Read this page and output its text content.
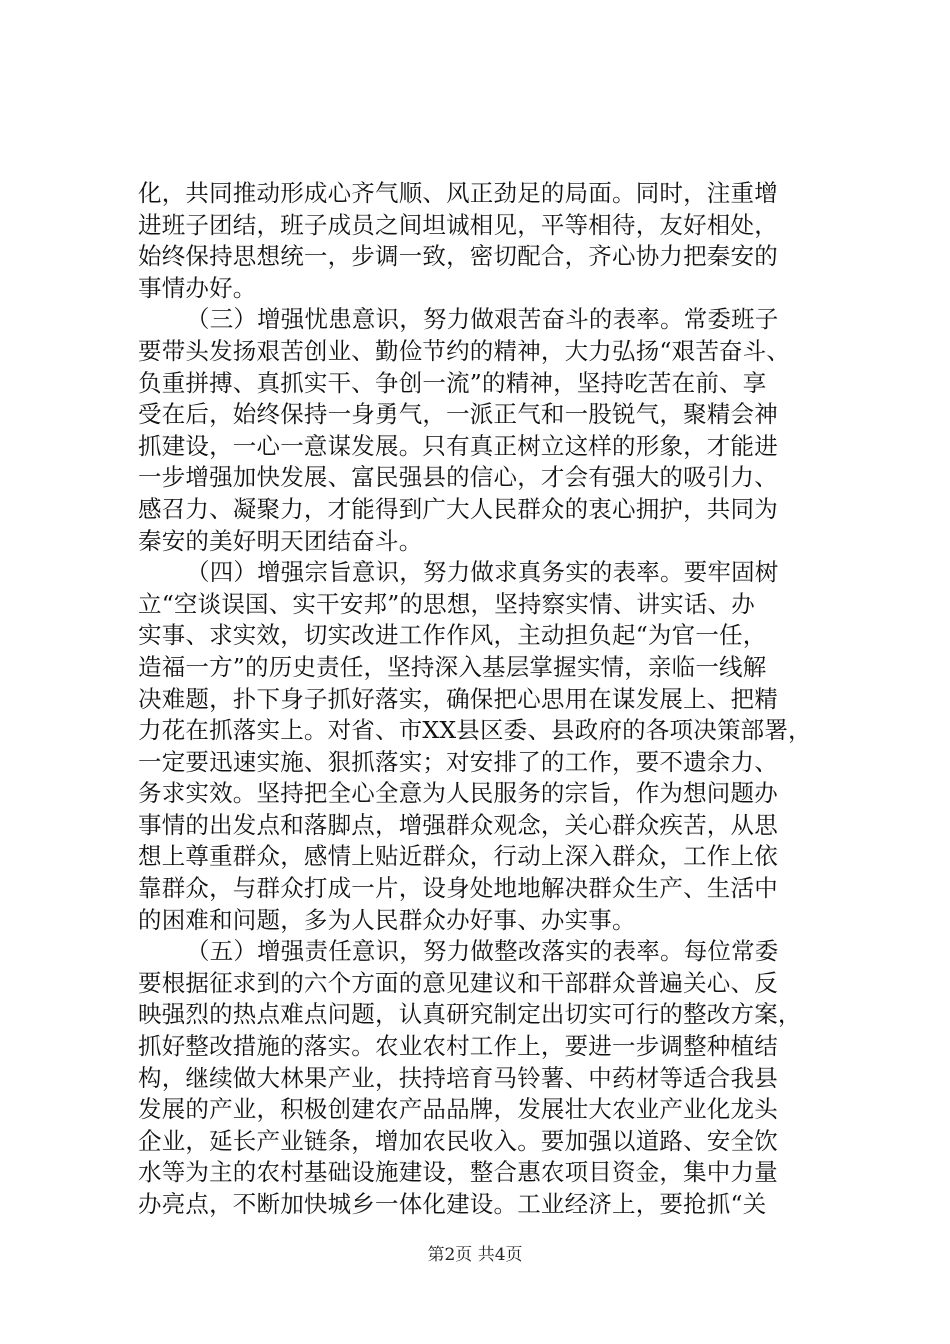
化，共同推动形成心齐气顺、风正劲足的局面。同时，注重增
进班子团结，班子成员之间坦诚相见，平等相待，友好相处，
始终保持思想统一，步调一致，密切配合，齐心协力把秦安的
事情办好。
（三）增强忧患意识，努力做艰苦奋斗的表率。常委班子
要带头发扬艰苦创业、勤俭节约的精神，大力弘扬“艰苦奋斗、
负重拼搏、真抓实干、争创一流”的精神，坚持吃苦在前、享
受在后，始终保持一身勇气，一派正气和一股锐气，聚精会神
抓建设，一心一意谋发展。只有真正树立这样的形象，才能进
一步增强加快发展、富民强县的信心，才会有强大的吸引力、
感召力、凝聚力，才能得到广大人民群众的衷心拥护，共同为
秦安的美好明天团结奋斗。
（四）增强宗旨意识，努力做求真务实的表率。要牢固树
立“空谈误国、实干安邦”的思想，坚持察实情、讲实话、办
实事、求实效，切实改进工作作风，主动担负起“为官一任，
造福一方”的历史责任，坚持深入基层掌握实情，亲临一线解
决难题，扑下身子抓好落实，确保把心思用在谋发展上、把精
力花在抓落实上。对省、市XX县区委、县政府的各项决策部署，
一定要迅速实施、狠抓落实；对安排了的工作，要不遗余力、
务求实效。坚持把全心全意为人民服务的宗旨，作为想问题办
事情的出发点和落脚点，增强群众观念，关心群众疾苦，从思
想上尊重群众，感情上贴近群众，行动上深入群众，工作上依
靠群众，与群众打成一片，设身处地地解决群众生产、生活中
的困难和问题，多为人民群众办好事、办实事。
（五）增强责任意识，努力做整改落实的表率。每位常委
要根据征求到的六个方面的意见建议和干部群众普遍关心、反
映强烈的热点难点问题，认真研究制定出切实可行的整改方案，
抓好整改措施的落实。农业农村工作上，要进一步调整种植结
构，继续做大林果产业，扶持培育马铃薯、中药材等适合我县
发展的产业，积极创建农产品品牌，发展壮大农业产业化龙头
企业，延长产业链条，增加农民收入。要加强以道路、安全饮
水等为主的农村基础设施建设，整合惠农项目资金，集中力量
办亮点，不断加快城乡一体化建设。工业经济上，要抢抓“关
第2页 共4页
